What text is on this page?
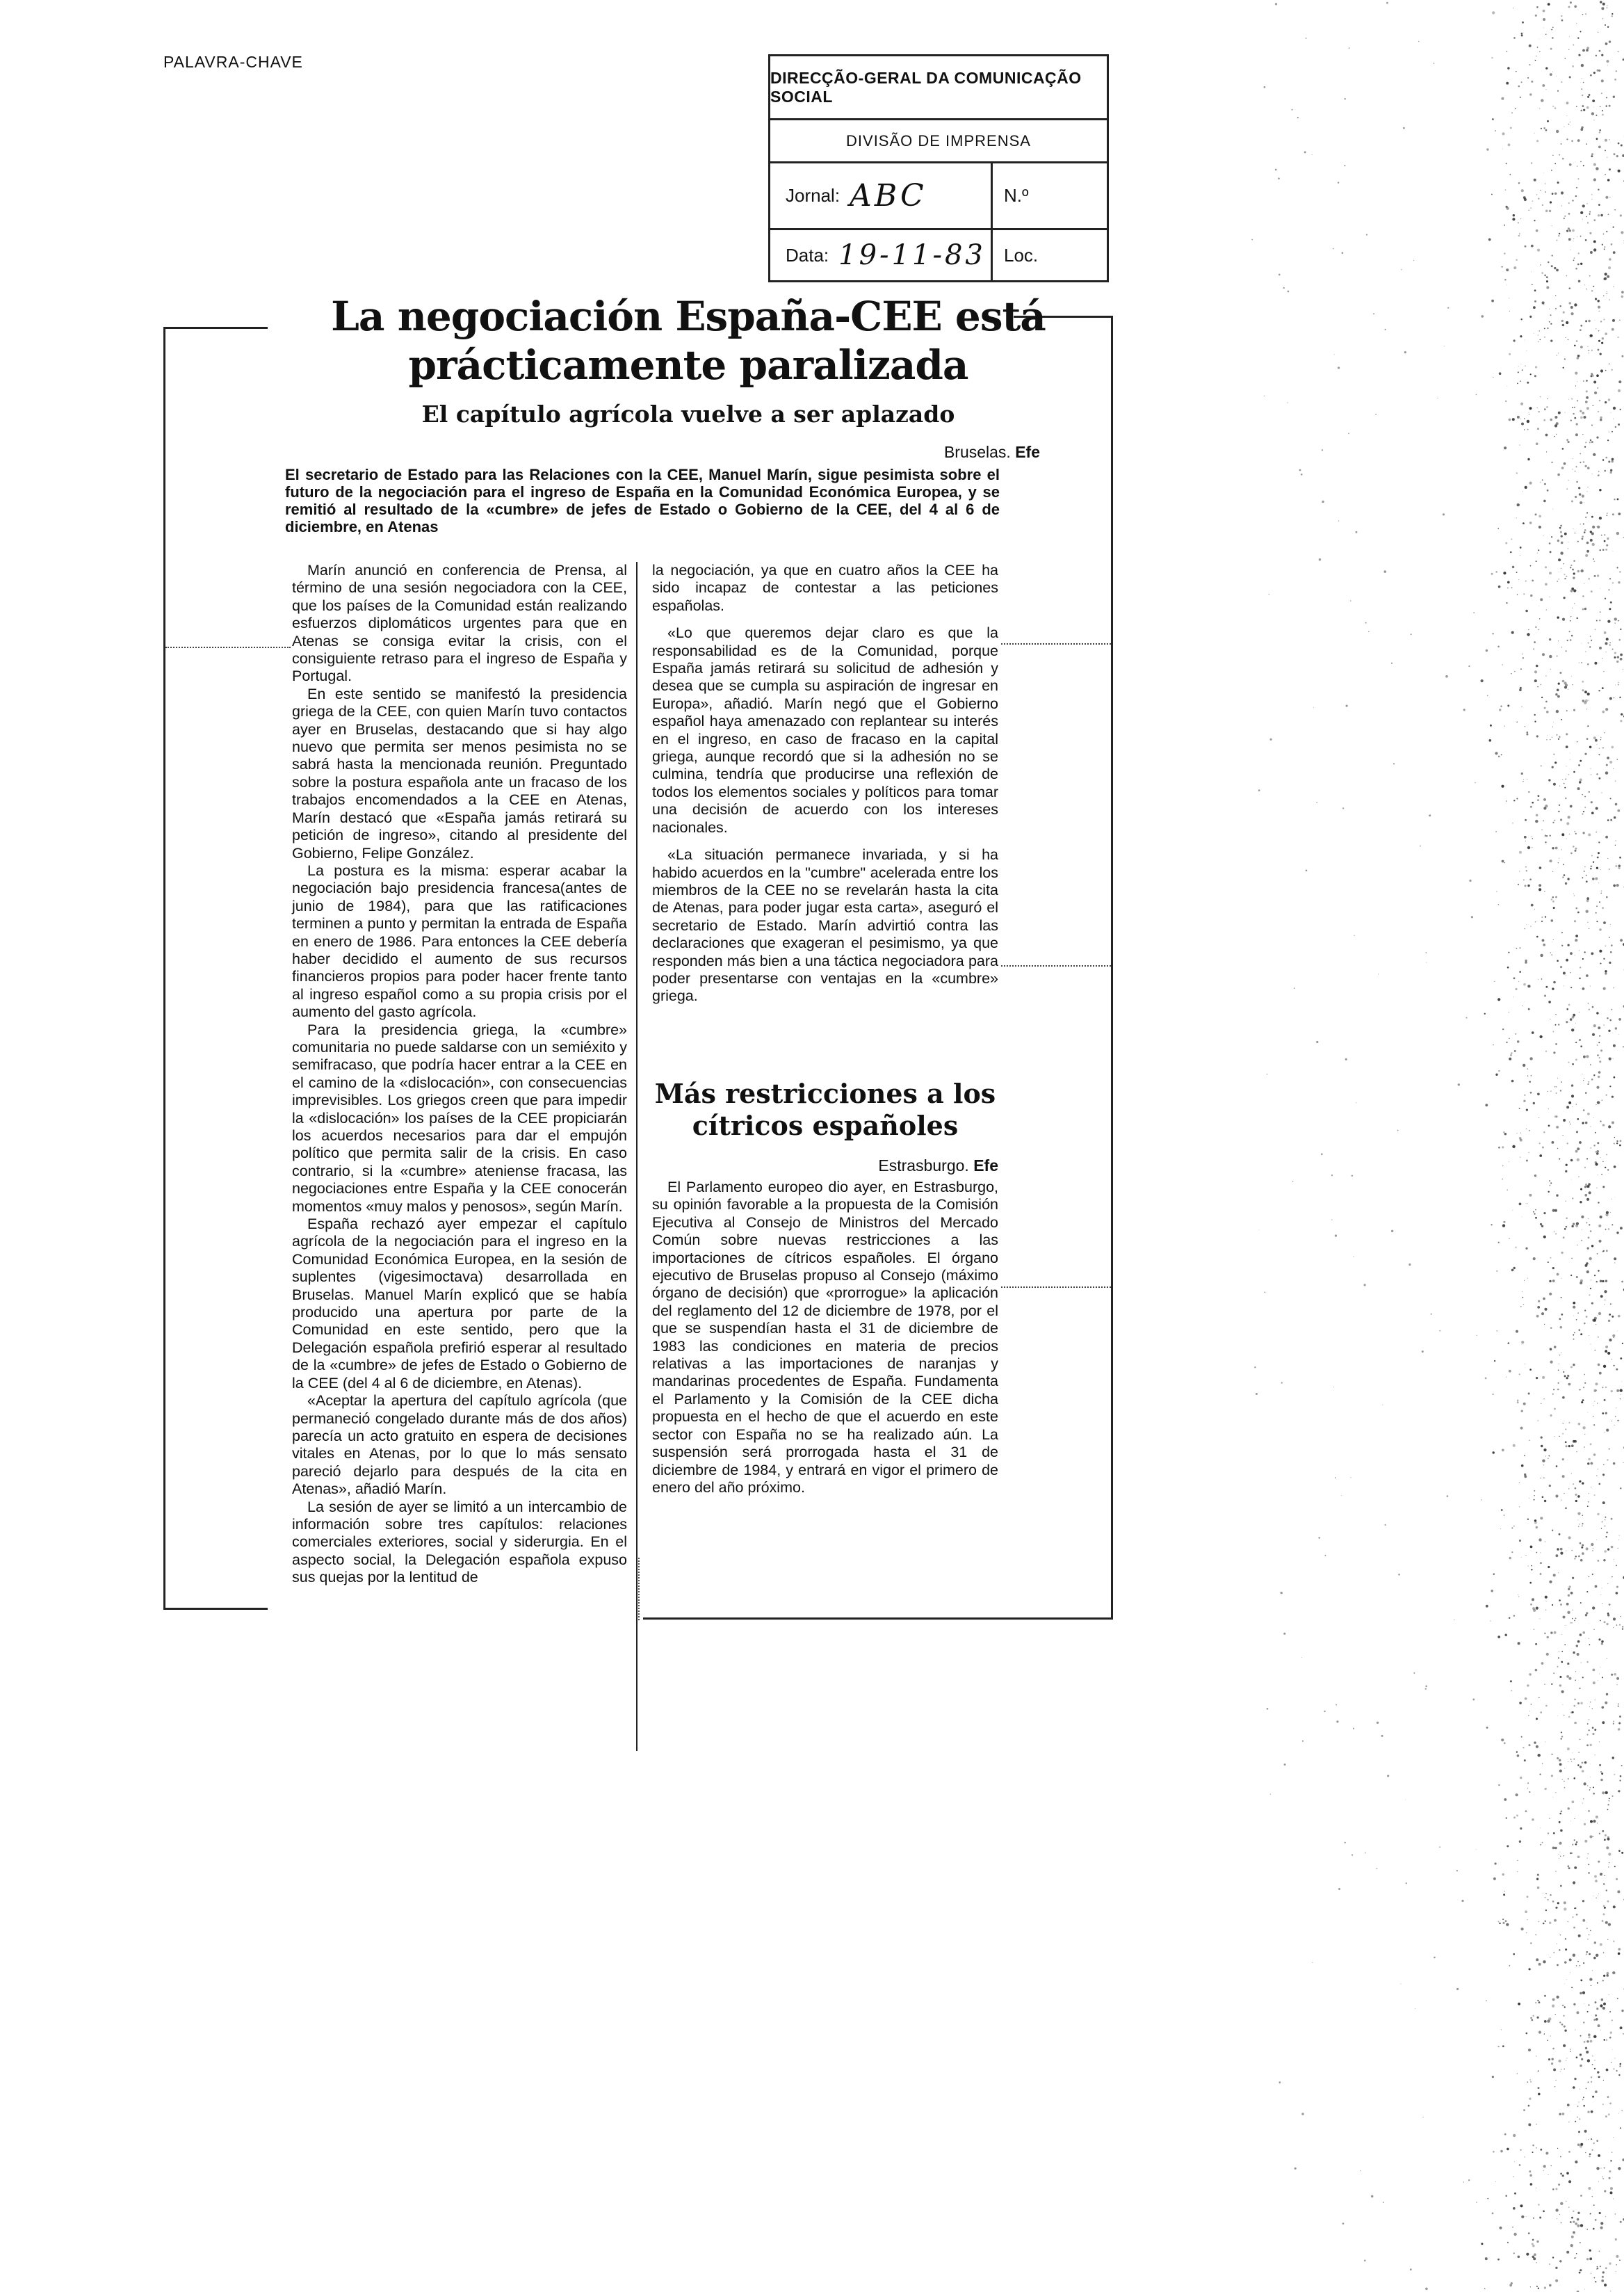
PALAVRA-CHAVE
DIRECÇÃO-GERAL DA COMUNICAÇÃO SOCIAL
DIVISÃO DE IMPRENSA
Jornal: ABC	N.º
Data: 19-11-83 Loc.
La negociación España-CEE está prácticamente paralizada
El capítulo agrícola vuelve a ser aplazado
Bruselas. Efe
El secretario de Estado para las Relaciones con la CEE, Manuel Marín, sigue pesimista sobre el futuro de la negociación para el ingreso de España en la Comunidad Económica Europea, y se remitió al resultado de la «cumbre» de jefes de Estado o Gobierno de la CEE, del 4 al 6 de diciembre, en Atenas

Marín anunció en conferencia de Prensa, al término de una sesión negociadora con la CEE, que los países de la Comunidad están realizando esfuerzos diplomáticos urgentes para que en Atenas se consiga evitar la crisis, con el consiguiente retraso para el ingreso de España y Portugal.

En este sentido se manifestó la presidencia griega de la CEE, con quien Marín tuvo contactos ayer en Bruselas, destacando que si hay algo nuevo que permita ser menos pesimista no se sabrá hasta la mencionada reunión. Preguntado sobre la postura española ante un fracaso de los trabajos encomendados a la CEE en Atenas, Marín destacó que «España jamás retirará su petición de ingreso», citando al presidente del Gobierno, Felipe González.

La postura es la misma: esperar acabar la negociación bajo presidencia francesa(antes de junio de 1984), para que las ratificaciones terminen a punto y permitan la entrada de España en enero de 1986. Para entonces la CEE debería haber decidido el aumento de sus recursos financieros propios para poder hacer frente tanto al ingreso español como a su propia crisis por el aumento del gasto agrícola.

Para la presidencia griega, la «cumbre» comunitaria no puede saldarse con un semiéxito y semifracaso, que podría hacer entrar a la CEE en el camino de la «dislocación», con consecuencias imprevisibles. Los griegos creen que para impedir la «dislocación» los países de la CEE propiciarán los acuerdos necesarios para dar el empujón político que permita salir de la crisis. En caso contrario, si la «cumbre» ateniense fracasa, las negociaciones entre España y la CEE conocerán momentos «muy malos y penosos», según Marín.

España rechazó ayer empezar el capítulo agrícola de la negociación para el ingreso en la Comunidad Económica Europea, en la sesión de suplentes (vigesimoctava) desarrollada en Bruselas. Manuel Marín explicó que se había producido una apertura por parte de la Comunidad en este sentido, pero que la Delegación española prefirió esperar al resultado de la «cumbre» de jefes de Estado o Gobierno de la CEE (del 4 al 6 de diciembre, en Atenas).

«Aceptar la apertura del capítulo agrícola (que permaneció congelado durante más de dos años) parecía un acto gratuito en espera de decisiones vitales en Atenas, por lo que lo más sensato pareció dejarlo para después de la cita en Atenas», añadió Marín.

La sesión de ayer se limitó a un intercambio de información sobre tres capítulos: relaciones comerciales exteriores, social y siderurgia. En el aspecto social, la Delegación española expuso sus quejas por la lentitud de

la negociación, ya que en cuatro años la CEE ha sido incapaz de contestar a las peticiones españolas.

«Lo que queremos dejar claro es que la responsabilidad es de la Comunidad, porque España jamás retirará su solicitud de adhesión y desea que se cumpla su aspiración de ingresar en Europa», añadió. Marín negó que el Gobierno español haya amenazado con replantear su interés en el ingreso, en caso de fracaso en la capital griega, aunque recordó que si la adhesión no se culmina, tendría que producirse una reflexión de todos los elementos sociales y políticos para tomar una decisión de acuerdo con los intereses nacionales.

«La situación permanece invariada, y si ha habido acuerdos en la "cumbre" acelerada entre los miembros de la CEE no se revelarán hasta la cita de Atenas, para poder jugar esta carta», aseguró el secretario de Estado. Marín advirtió contra las declaraciones que exageran el pesimismo, ya que responden más bien a una táctica negociadora para poder presentarse con ventajas en la «cumbre» griega.

Más restricciones a los cítricos españoles
Estrasburgo. Efe

El Parlamento europeo dio ayer, en Estrasburgo, su opinión favorable a la propuesta de la Comisión Ejecutiva al Consejo de Ministros del Mercado Común sobre nuevas restricciones a las importaciones de cítricos españoles. El órgano ejecutivo de Bruselas propuso al Consejo (máximo órgano de decisión) que «prorrogue» la aplicación del reglamento del 12 de diciembre de 1978, por el que se suspendían hasta el 31 de diciembre de 1983 las condiciones en materia de precios relativas a las importaciones de naranjas y mandarinas procedentes de España. Fundamenta el Parlamento y la Comisión de la CEE dicha propuesta en el hecho de que el acuerdo en este sector con España no se ha realizado aún. La suspensión será prorrogada hasta el 31 de diciembre de 1984, y entrará en vigor el primero de enero del año próximo.
